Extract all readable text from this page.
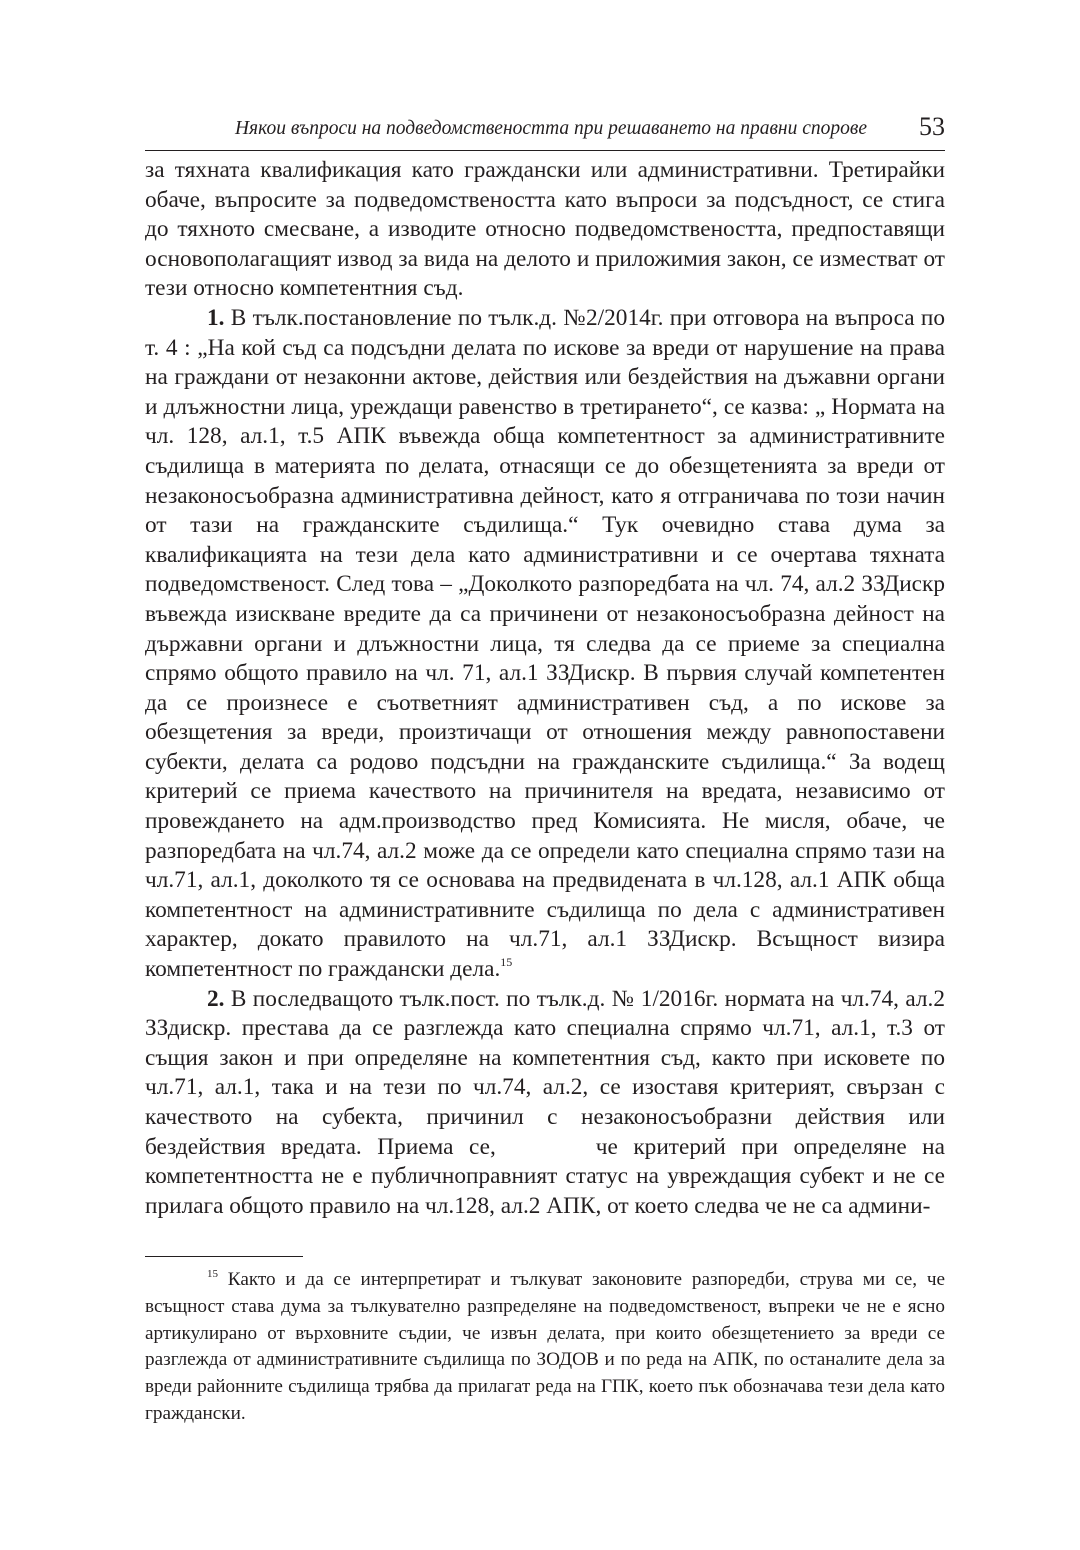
Някои въпроси на подведомствеността при решаването на правни спорове 53

за тяхната квалификация като граждански или административни. Третирайки обаче, въпросите за подведомствеността като въпроси за подсъдност, се стига до тяхното смесване, а изводите относно подведомствеността, предпоставящи основополагащият извод за вида на делото и приложимия закон, се изместват от тези относно компетентния съд.

1. В тълк.постановление по тълк.д. №2/2014г. при отговора на въпроса по т. 4 : „На кой съд са подсъдни делата по искове за вреди от нарушение на права на граждани от незаконни актове, действия или бездействия на дъжавни органи и длъжностни лица, уреждащи равенство в третирането“, се казва: „ Нормата на чл. 128, ал.1, т.5 АПК въвежда обща компетентност за административните съдилища в материята по делата, отнасящи се до обезщетенията за вреди от незаконосъобразна административна дейност, като я отграничава по този начин от тази на гражданските съдилища.“ Тук очевидно става дума за квалификацията на тези дела като административни и се очертава тяхната подведомственост. След това – „Доколкото разпоредбата на чл. 74, ал.2 ЗЗДискр въвежда изискване вредите да са причинени от незаконосъобразна дейност на държавни органи и длъжностни лица, тя следва да се приеме за специална спрямо общото правило на чл. 71, ал.1 ЗЗДискр. В първия случай компетентен да се произнесе е съответният административен съд, а по искове за обезщетения за вреди, произтичащи от отношения между равнопоставени субекти, делата са родово подсъдни на гражданските съдилища.“ За водещ критерий се приема качеството на причинителя на вредата, независимо от провеждането на адм.производство пред Комисията. Не мисля, обаче, че разпоредбата на чл.74, ал.2 може да се определи като специална спрямо тази на чл.71, ал.1, доколкото тя се основава на предвидената в чл.128, ал.1 АПК обща компетентност на административните съдилища по дела с административен характер, докато правилото на чл.71, ал.1 ЗЗДискр. Всъщност визира компетентност по граждански дела.$^{15}$

2. В последващото тълк.пост. по тълк.д. № 1/2016г. нормата на чл.74, ал.2 ЗЗдискр. престава да се разглежда като специална спрямо чл.71, ал.1, т.3 от същия закон и при определяне на компетентния съд, както при исковете по чл.71, ал.1, така и на тези по чл.74, ал.2, се изоставя критерият, свързан с качеството на субекта, причинил с незаконосъобразни действия или бездействия вредата. Приема се,	че критерий при определяне на компетентността не е публичноправният статус на увреждащия субект и не се прилага общото правило на чл.128, ал.2 АПК, от което следва че не са админи-

$^{15}$ Както и да се интерпретират и тълкуват законовите разпоредби, струва ми се, че всъщност става дума за тълкувателно разпределяне на подведомственост, въпреки че не е ясно артикулирано от върховните съдии, че извън делата, при които обезщетението за вреди се разглежда от административните съдилища по ЗОДОВ и по реда на АПК, по останалите дела за вреди районните съдилища трябва да прилагат реда на ГПК, което пък обозначава тези дела като граждански.
